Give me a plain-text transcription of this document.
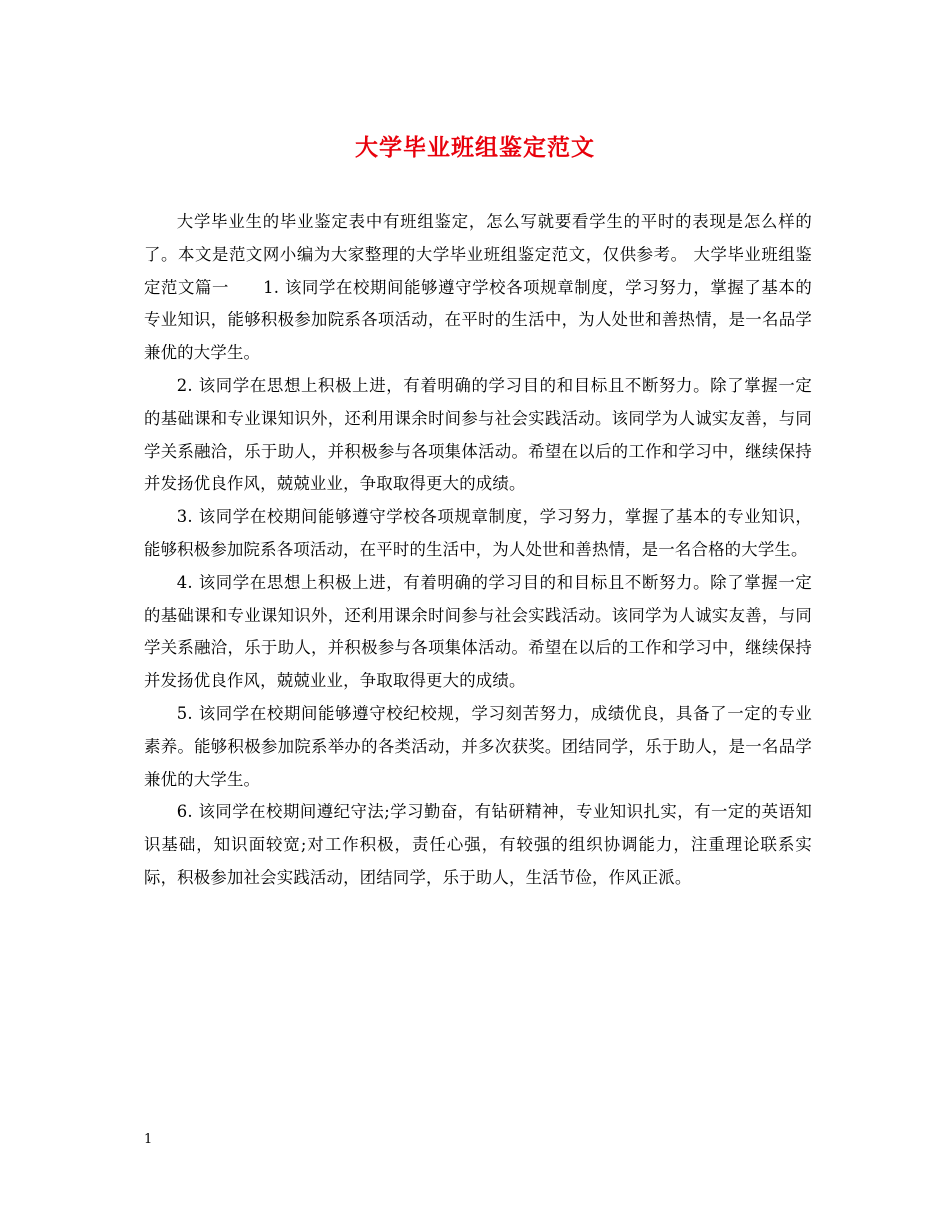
大学毕业班组鉴定范文

大学毕业生的毕业鉴定表中有班组鉴定，怎么写就要看学生的平时的表现是怎么样的了。本文是范文网小编为大家整理的大学毕业班组鉴定范文，仅供参考。 大学毕业班组鉴定范文篇一　　1. 该同学在校期间能够遵守学校各项规章制度，学习努力，掌握了基本的专业知识，能够积极参加院系各项活动，在平时的生活中，为人处世和善热情，是一名品学兼优的大学生。

2. 该同学在思想上积极上进，有着明确的学习目的和目标且不断努力。除了掌握一定的基础课和专业课知识外，还利用课余时间参与社会实践活动。该同学为人诚实友善，与同学关系融洽，乐于助人，并积极参与各项集体活动。希望在以后的工作和学习中，继续保持并发扬优良作风，兢兢业业，争取取得更大的成绩。

3. 该同学在校期间能够遵守学校各项规章制度，学习努力，掌握了基本的专业知识，能够积极参加院系各项活动，在平时的生活中，为人处世和善热情，是一名合格的大学生。

4. 该同学在思想上积极上进，有着明确的学习目的和目标且不断努力。除了掌握一定的基础课和专业课知识外，还利用课余时间参与社会实践活动。该同学为人诚实友善，与同学关系融洽，乐于助人，并积极参与各项集体活动。希望在以后的工作和学习中，继续保持并发扬优良作风，兢兢业业，争取取得更大的成绩。

5. 该同学在校期间能够遵守校纪校规，学习刻苦努力，成绩优良，具备了一定的专业素养。能够积极参加院系举办的各类活动，并多次获奖。团结同学，乐于助人，是一名品学兼优的大学生。

6. 该同学在校期间遵纪守法;学习勤奋，有钻研精神，专业知识扎实，有一定的英语知识基础，知识面较宽;对工作积极，责任心强，有较强的组织协调能力，注重理论联系实际，积极参加社会实践活动，团结同学，乐于助人，生活节俭，作风正派。

1
